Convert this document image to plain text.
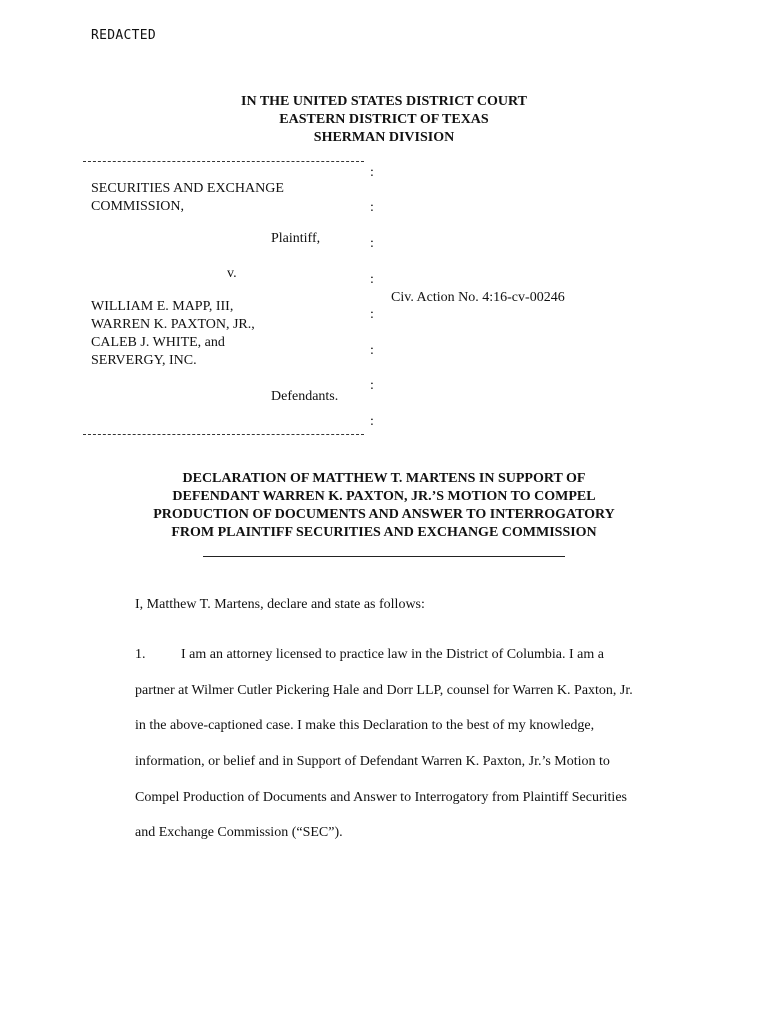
REDACTED
IN THE UNITED STATES DISTRICT COURT
EASTERN DISTRICT OF TEXAS
SHERMAN DIVISION
:
:
:
:
:
:
:
:
SECURITIES AND EXCHANGE
COMMISSION,
Plaintiff,
v.
WILLIAM E. MAPP, III,
WARREN K. PAXTON, JR.,
CALEB J. WHITE, and
SERVERGY, INC.
Defendants.
Civ. Action No. 4:16-cv-00246
DECLARATION OF MATTHEW T. MARTENS IN SUPPORT OF
DEFENDANT WARREN K. PAXTON, JR.’S MOTION TO COMPEL
PRODUCTION OF DOCUMENTS AND ANSWER TO INTERROGATORY
FROM PLAINTIFF SECURITIES AND EXCHANGE COMMISSION
I, Matthew T. Martens, declare and state as follows:
1.	I am an attorney licensed to practice law in the District of Columbia. I am a
partner at Wilmer Cutler Pickering Hale and Dorr LLP, counsel for Warren K. Paxton, Jr.
in the above-captioned case. I make this Declaration to the best of my knowledge,
information, or belief and in Support of Defendant Warren K. Paxton, Jr.’s Motion to
Compel Production of Documents and Answer to Interrogatory from Plaintiff Securities
and Exchange Commission (“SEC”).
